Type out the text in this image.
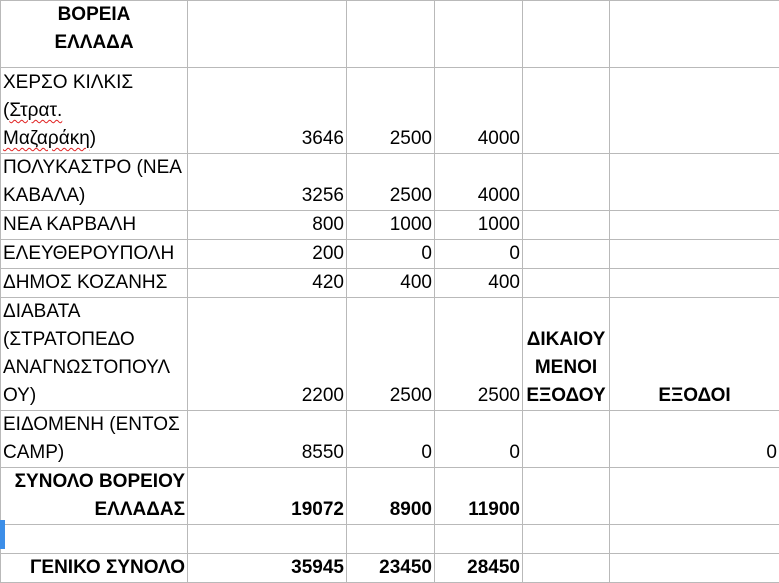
ΒΟΡΕΙΑ
ΕΛΛΑΔΑ					

ΧΕΡΣΟ ΚΙΛΚΙΣ
(Στρατ.
Μαζαράκη)	3646	2500	4000		
ΠΟΛΥΚΑΣΤΡΟ (ΝΕΑ ΚΑΒΑΛΑ)	3256	2500	4000		
ΝΕΑ ΚΑΡΒΑΛΗ	800	1000	1000		
ΕΛΕΥΘΕΡΟΥΠΟΛΗ	200	0	0		
ΔΗΜΟΣ ΚΟΖΑΝΗΣ	420	400	400		
ΔΙΑΒΑΤΑ (ΣΤΡΑΤΟΠΕΔΟ ΑΝΑΓΝΩΣΤΟΠΟΥΛ ΟΥ)	2200	2500	2500	ΔΙΚΑΙΟΥ ΜΕΝΟΙ ΕΞΟΔΟΥ	ΕΞΟΔΟΙ
ΕΙΔΟΜΕΝΗ (ΕΝΤΟΣ CAMP)	8550	0	0		0
ΣΥΝΟΛΟ ΒΟΡΕΙΟΥ ΕΛΛΑΔΑΣ	19072	8900	11900		

ΓΕΝΙΚΟ ΣΥΝΟΛΟ	35945	23450	28450		
